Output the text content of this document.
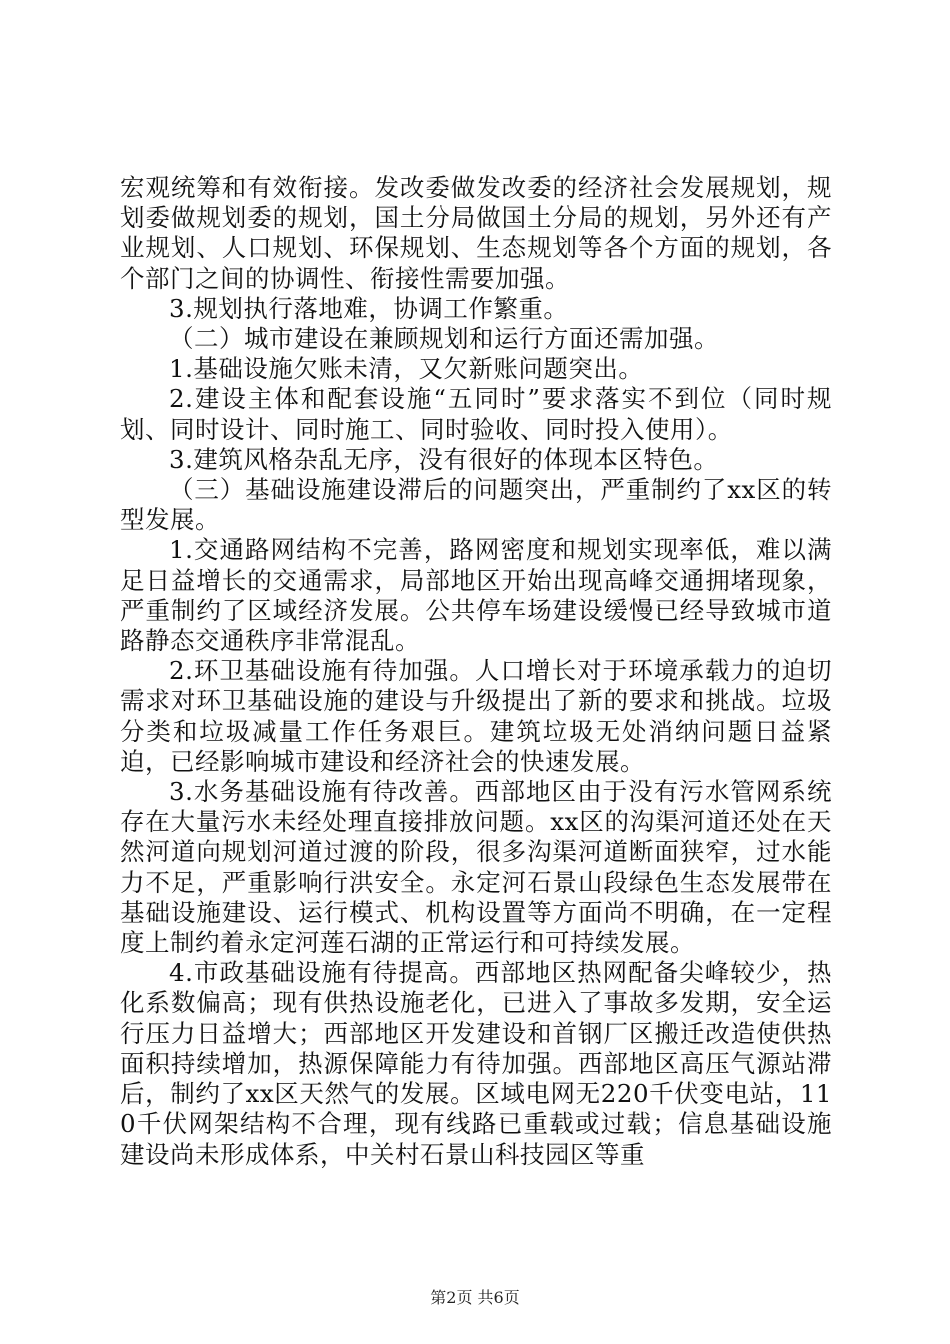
宏观统筹和有效衔接。发改委做发改委的经济社会发展规划，规划委做规划委的规划，国土分局做国土分局的规划，另外还有产业规划、人口规划、环保规划、生态规划等各个方面的规划，各个部门之间的协调性、衔接性需要加强。

3.规划执行落地难，协调工作繁重。

（二）城市建设在兼顾规划和运行方面还需加强。

1.基础设施欠账未清，又欠新账问题突出。

2.建设主体和配套设施“五同时”要求落实不到位（同时规划、同时设计、同时施工、同时验收、同时投入使用）。

3.建筑风格杂乱无序，没有很好的体现本区特色。

（三）基础设施建设滞后的问题突出，严重制约了xx区的转型发展。

1.交通路网结构不完善，路网密度和规划实现率低，难以满足日益增长的交通需求，局部地区开始出现高峰交通拥堵现象，严重制约了区域经济发展。公共停车场建设缓慢已经导致城市道路静态交通秩序非常混乱。

2.环卫基础设施有待加强。人口增长对于环境承载力的迫切需求对环卫基础设施的建设与升级提出了新的要求和挑战。垃圾分类和垃圾减量工作任务艰巨。建筑垃圾无处消纳问题日益紧迫，已经影响城市建设和经济社会的快速发展。

3.水务基础设施有待改善。西部地区由于没有污水管网系统存在大量污水未经处理直接排放问题。xx区的沟渠河道还处在天然河道向规划河道过渡的阶段，很多沟渠河道断面狭窄，过水能力不足，严重影响行洪安全。永定河石景山段绿色生态发展带在基础设施建设、运行模式、机构设置等方面尚不明确，在一定程度上制约着永定河莲石湖的正常运行和可持续发展。

4.市政基础设施有待提高。西部地区热网配备尖峰较少，热化系数偏高；现有供热设施老化，已进入了事故多发期，安全运行压力日益增大；西部地区开发建设和首钢厂区搬迁改造使供热面积持续增加，热源保障能力有待加强。西部地区高压气源站滞后，制约了xx区天然气的发展。区域电网无220千伏变电站，110千伏网架结构不合理，现有线路已重载或过载；信息基础设施建设尚未形成体系，中关村石景山科技园区等重

第2页 共6页
